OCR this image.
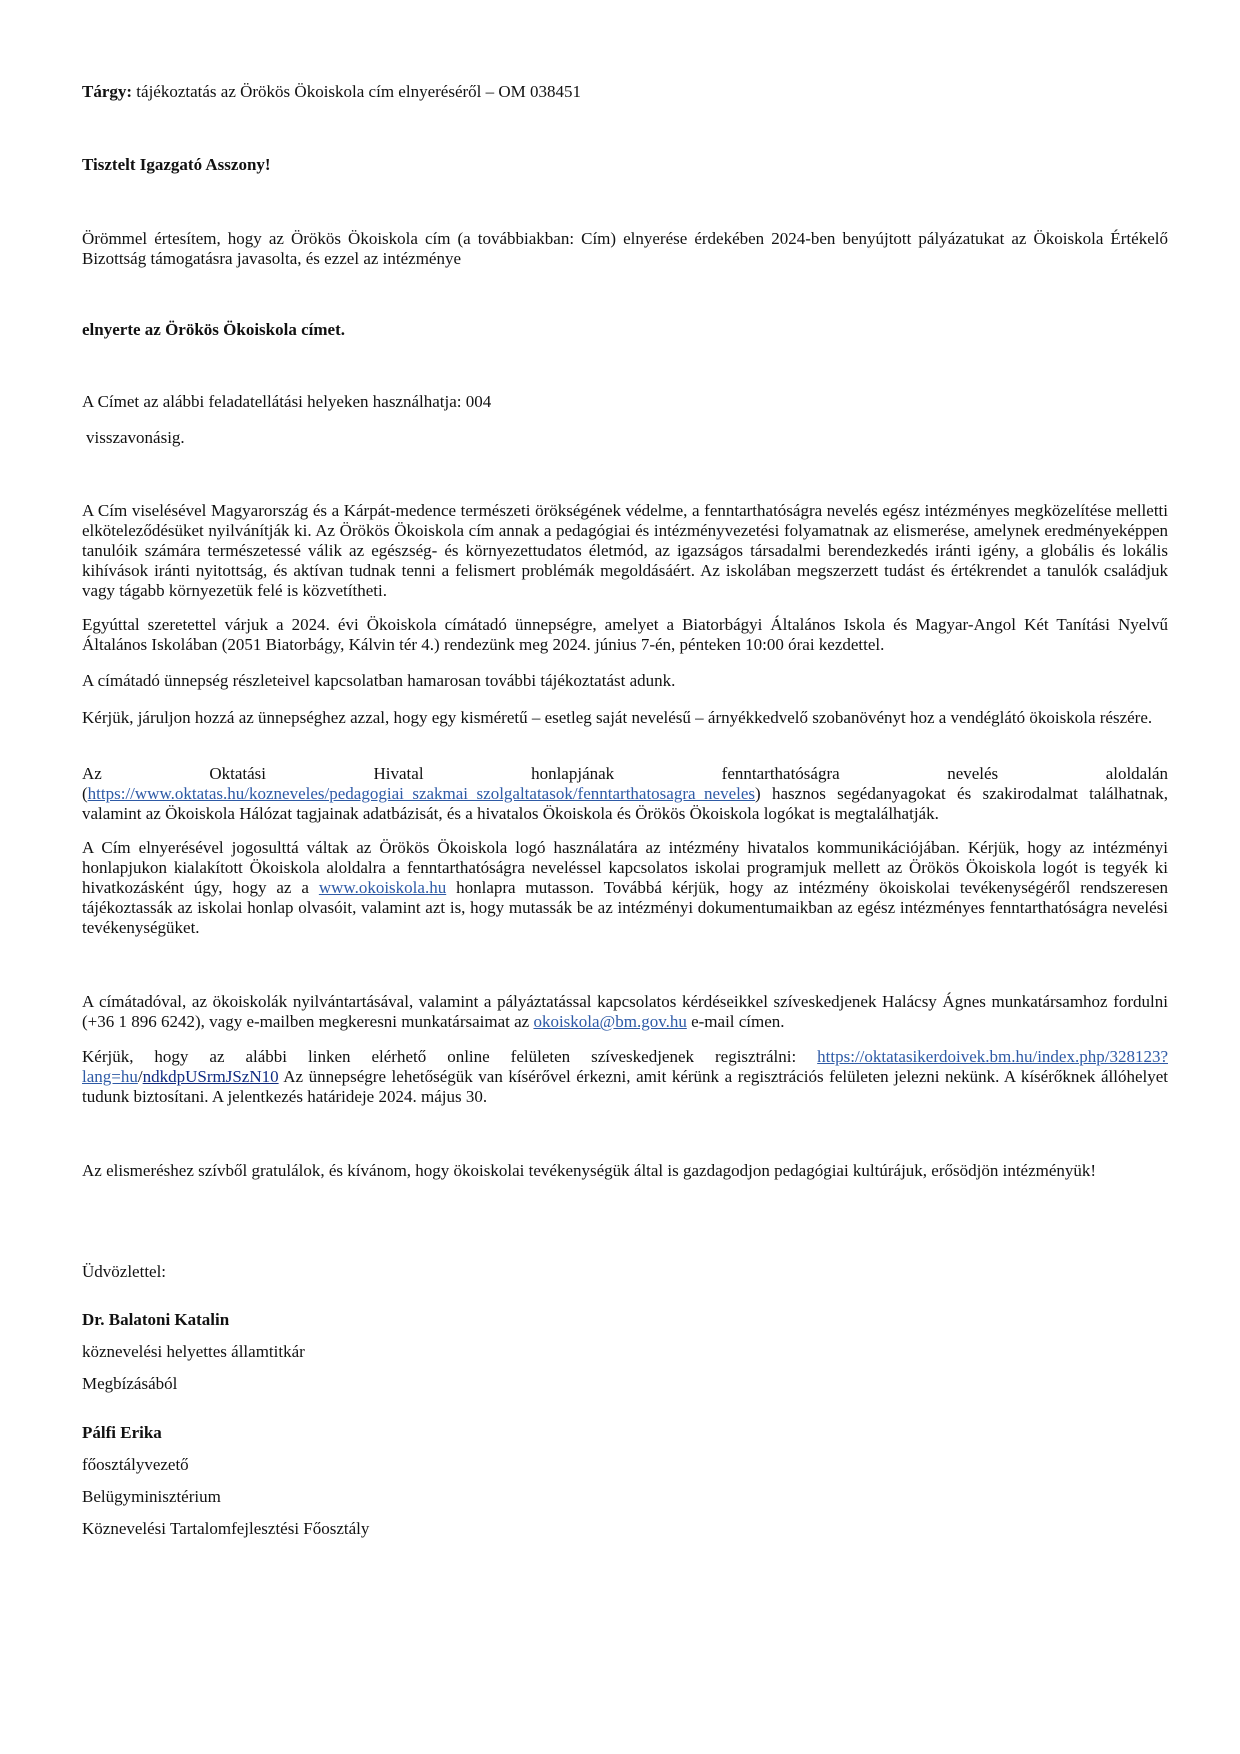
Tárgy: tájékoztatás az Örökös Ökoiskola cím elnyeréséről – OM 038451
Tisztelt Igazgató Asszony!
Örömmel értesítem, hogy az Örökös Ökoiskola cím (a továbbiakban: Cím) elnyerése érdekében 2024-ben benyújtott pályázatukat az Ökoiskola Értékelő Bizottság támogatásra javasolta, és ezzel az intézménye
elnyerte az Örökös Ökoiskola címet.
A Címet az alábbi feladatellátási helyeken használhatja: 004
visszavonásig.
A Cím viselésével Magyarország és a Kárpát-medence természeti örökségének védelme, a fenntarthatóságra nevelés egész intézményes megközelítése melletti elköteleződésüket nyilvánítják ki. Az Örökös Ökoiskola cím annak a pedagógiai és intézményvezetési folyamatnak az elismerése, amelynek eredményeképpen tanulóik számára természetessé válik az egészség- és környezettudatos életmód, az igazságos társadalmi berendezkedés iránti igény, a globális és lokális kihívások iránti nyitottság, és aktívan tudnak tenni a felismert problémák megoldásáért. Az iskolában megszerzett tudást és értékrendet a tanulók családjuk vagy tágabb környezetük felé is közvetítheti.
Egyúttal szeretettel várjuk a 2024. évi Ökoiskola címátadó ünnepségre, amelyet a Biatorbágyi Általános Iskola és Magyar-Angol Két Tanítási Nyelvű Általános Iskolában (2051 Biatorbágy, Kálvin tér 4.) rendezünk meg 2024. június 7-én, pénteken 10:00 órai kezdettel.
A címátadó ünnepség részleteivel kapcsolatban hamarosan további tájékoztatást adunk.
Kérjük, járuljon hozzá az ünnepséghez azzal, hogy egy kisméretű – esetleg saját nevelésű – árnyékkedvelő szobanövényt hoz a vendéglátó ökoiskola részére.
Az Oktatási Hivatal honlapjának fenntarthatóságra nevelés aloldalán (https://www.oktatas.hu/kozneveles/pedagogiai_szakmai_szolgaltatasok/fenntarthatosagra_neveles) hasznos segédanyagokat és szakirodalmat találhatnak, valamint az Ökoiskola Hálózat tagjainak adatbázisát, és a hivatalos Ökoiskola és Örökös Ökoiskola logókat is megtalálhatják.
A Cím elnyerésével jogosulttá váltak az Örökös Ökoiskola logó használatára az intézmény hivatalos kommunikációjában. Kérjük, hogy az intézményi honlapjukon kialakított Ökoiskola aloldalra a fenntarthatóságra neveléssel kapcsolatos iskolai programjuk mellett az Örökös Ökoiskola logót is tegyék ki hivatkozásként úgy, hogy az a www.okoiskola.hu honlapra mutasson. Továbbá kérjük, hogy az intézmény ökoiskolai tevékenységéről rendszeresen tájékoztassák az iskolai honlap olvasóit, valamint azt is, hogy mutassák be az intézményi dokumentumaikban az egész intézményes fenntarthatóságra nevelési tevékenységüket.
A címátadóval, az ökoiskolák nyilvántartásával, valamint a pályáztatással kapcsolatos kérdéseikkel szíveskedjenek Halácsy Ágnes munkatársamhoz fordulni (+36 1 896 6242), vagy e-mailben megkeresni munkatársaimat az okoiskola@bm.gov.hu e-mail címen.
Kérjük, hogy az alábbi linken elérhető online felületen szíveskedjenek regisztrálni: https://oktatasikerdoivek.bm.hu/index.php/328123?lang=hu/ndkdpUSrmJSzN10 Az ünnepségre lehetőségük van kísérővel érkezni, amit kérünk a regisztrációs felületen jelezni nekünk. A kísérőknek állóhelyet tudunk biztosítani. A jelentkezés határideje 2024. május 30.
Az elismeréshez szívből gratulálok, és kívánom, hogy ökoiskolai tevékenységük által is gazdagodjon pedagógiai kultúrájuk, erősödjön intézményük!
Üdvözlettel:
Dr. Balatoni Katalin
köznevelési helyettes államtitkár
Megbízásából
Pálfi Erika
főosztályvezető
Belügyminisztérium
Köznevelési Tartalomfejlesztési Főosztály
